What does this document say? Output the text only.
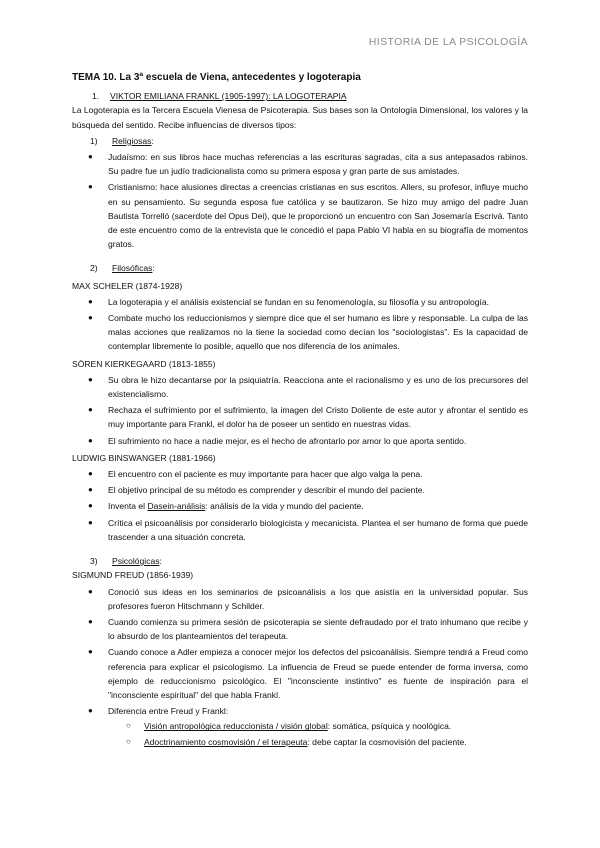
HISTORIA DE LA PSICOLOGÍA
TEMA 10. La 3ª escuela de Viena, antecedentes y logoterapia
1. VIKTOR EMILIANA FRANKL (1905-1997): LA LOGOTERAPIA
La Logoterapia es la Tercera Escuela Vienesa de Psicoterapia. Sus bases son la Ontología Dimensional, los valores y la búsqueda del sentido. Recibe influencias de diversos tipos:
1) Religiosas:
● Judaísmo: en sus libros hace muchas referencias a las escrituras sagradas, cita a sus antepasados rabinos. Su padre fue un judío tradicionalista como su primera esposa y gran parte de sus amistades.
● Cristianismo: hace alusiones directas a creencias cristianas en sus escritos. Allers, su profesor, influye mucho en su pensamiento. Su segunda esposa fue católica y se bautizaron. Se hizo muy amigo del padre Juan Bautista Torrelló (sacerdote del Opus Dei), que le proporcionó un encuentro con San Josemaría Escrivá. Tanto de este encuentro como de la entrevista que le concedió el papa Pablo VI habla en su biografía de momentos gratos.
2) Filosóficas:
MAX SCHELER (1874-1928)
● La logoterapia y el análisis existencial se fundan en su fenomenología, su filosofía y su antropología.
● Combate mucho los reduccionismos y siempre dice que el ser humano es libre y responsable. La culpa de las malas acciones que realizamos no la tiene la sociedad como decían los "sociologistas". Es la capacidad de contemplar libremente lo posible, aquello que nos diferencia de los animales.
SÖREN KIERKEGAARD (1813-1855)
● Su obra le hizo decantarse por la psiquiatría. Reacciona ante el racionalismo y es uno de los precursores del existencialismo.
● Rechaza el sufrimiento por el sufrimiento, la imagen del Cristo Doliente de este autor y afrontar el sentido es muy importante para Frankl, el dolor ha de poseer un sentido en nuestras vidas.
● El sufrimiento no hace a nadie mejor, es el hecho de afrontarlo por amor lo que aporta sentido.
LUDWIG BINSWANGER (1881-1966)
● El encuentro con el paciente es muy importante para hacer que algo valga la pena.
● El objetivo principal de su método es comprender y describir el mundo del paciente.
● Inventa el Dasein-análisis: análisis de la vida y mundo del paciente.
● Crítica el psicoanálisis por considerarlo biologicista y mecanicista. Plantea el ser humano de forma que puede trascender a una situación concreta.
3) Psicológicas:
SIGMUND FREUD (1856-1939)
● Conoció sus ideas en los seminarios de psicoanálisis a los que asistía en la universidad popular. Sus profesores fueron Hitschmann y Schilder.
● Cuando comienza su primera sesión de psicoterapia se siente defraudado por el trato inhumano que recibe y lo absurdo de los planteamientos del terapeuta.
● Cuando conoce a Adler empieza a conocer mejor los defectos del psicoanálisis. Siempre tendrá a Freud como referencia para explicar el psicologismo. La influencia de Freud se puede entender de forma inversa, como ejemplo de reduccionismo psicológico. El "inconsciente instintivo" es fuente de inspiración para el "inconsciente espiritual" del que habla Frankl.
● Diferencia entre Freud y Frankl:
○ Visión antropológica reduccionista / visión global: somática, psíquica y noológica.
○ Adoctrinamiento cosmovisión / el terapeuta: debe captar la cosmovisión del paciente.
